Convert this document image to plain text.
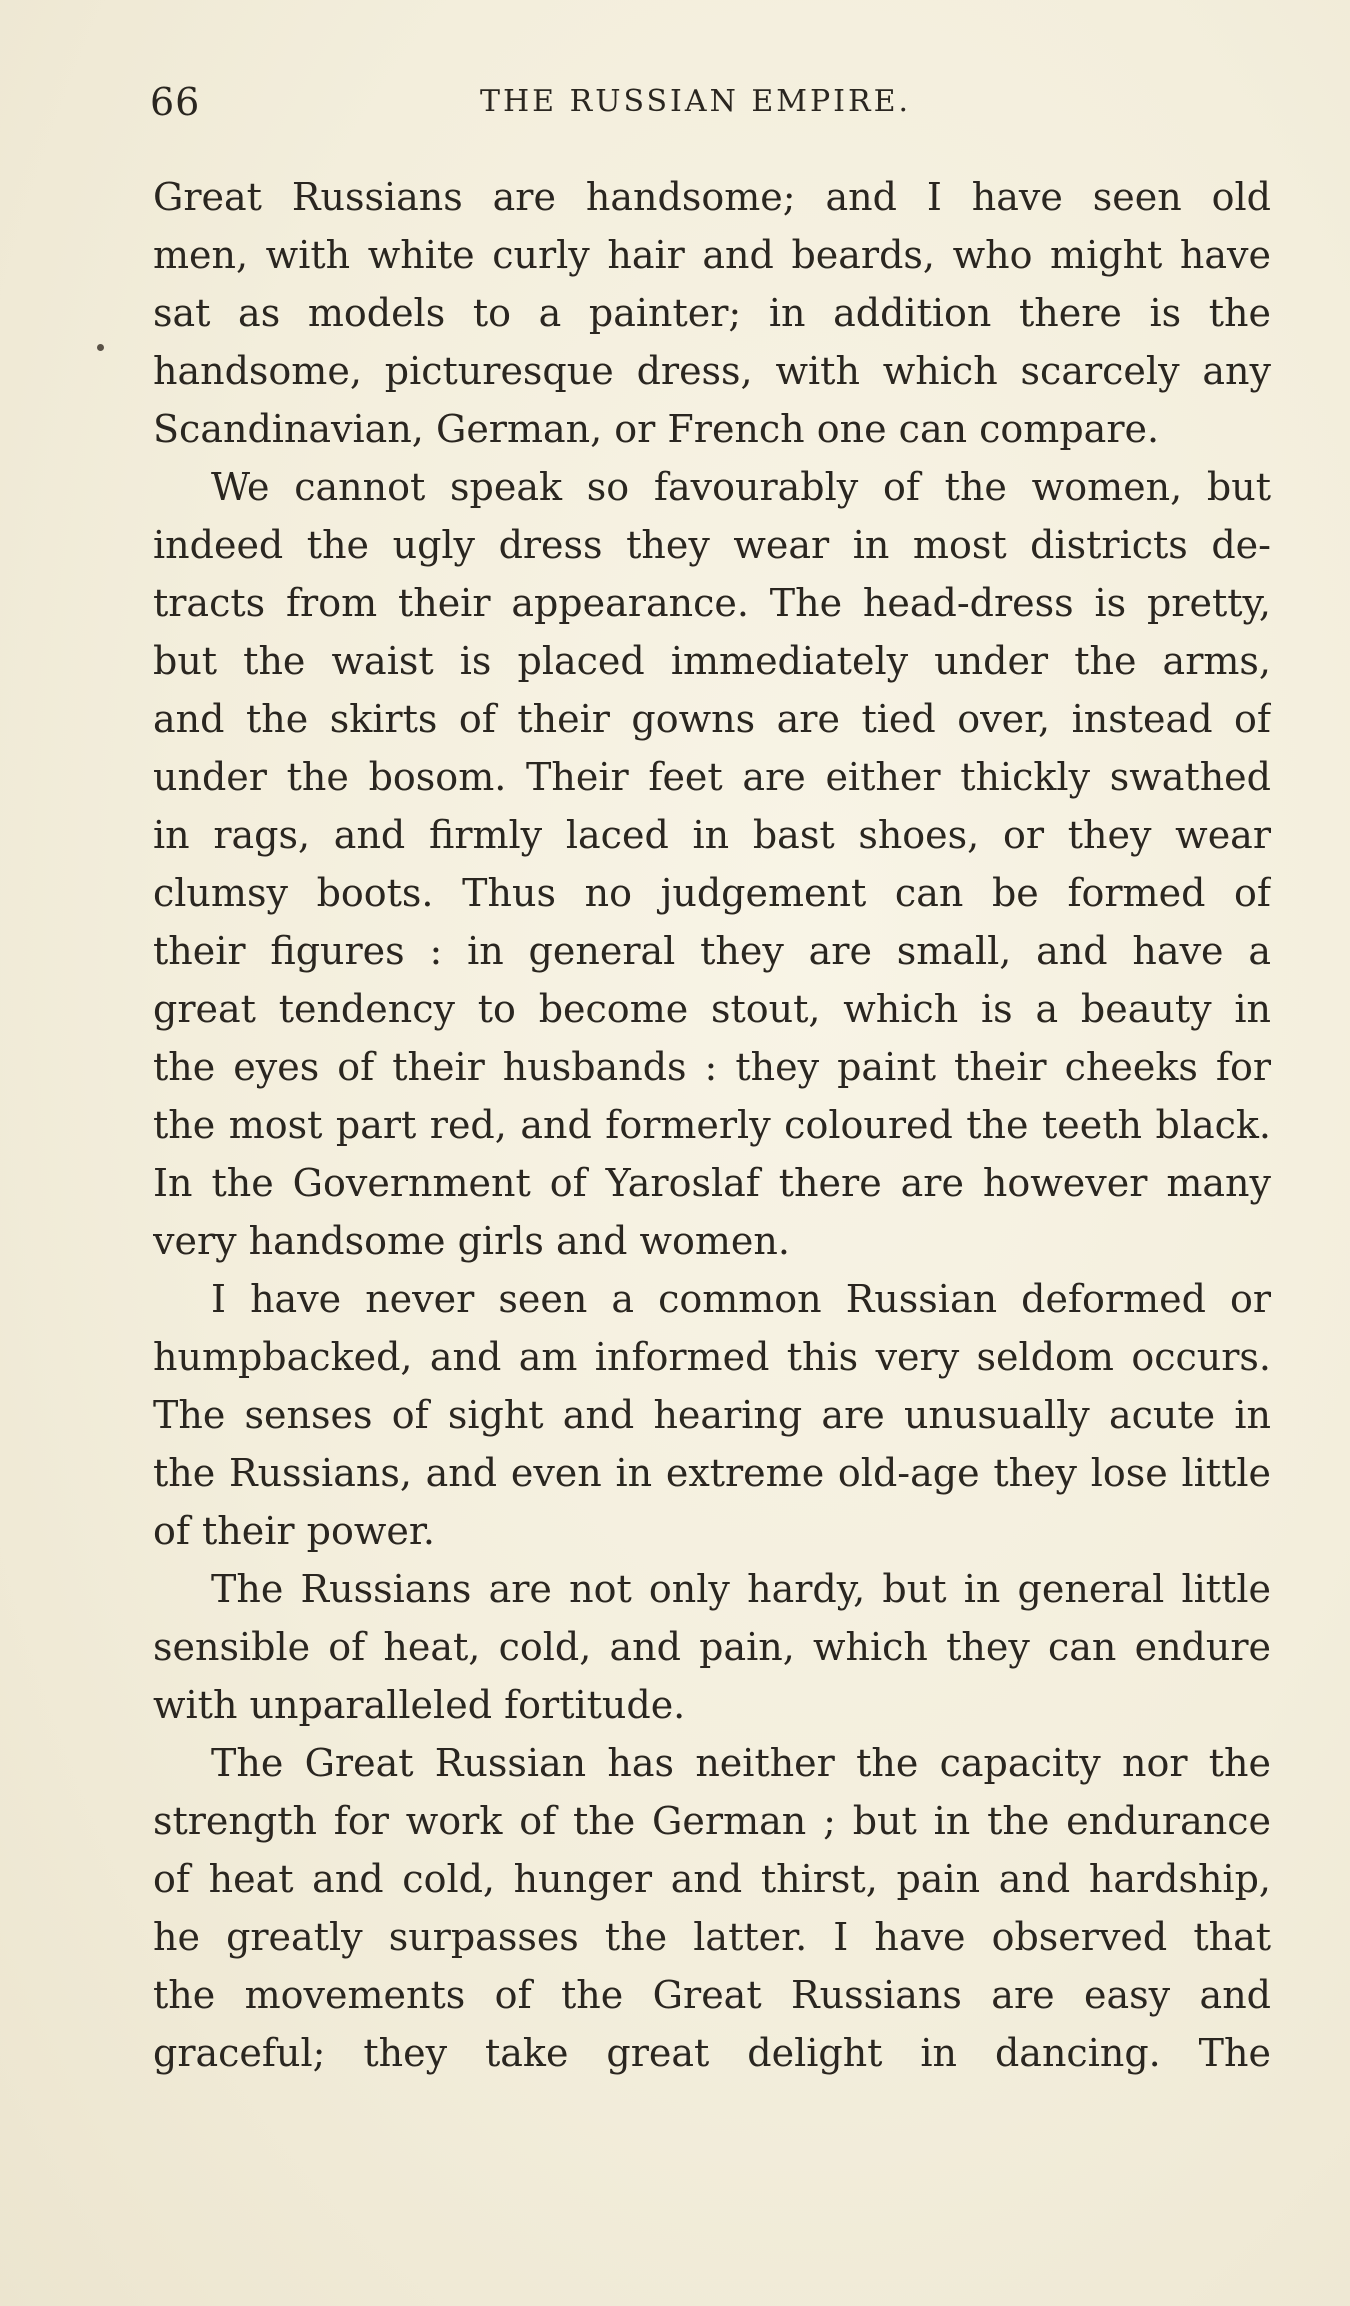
66	THE RUSSIAN EMPIRE.
Great Russians are handsome; and I have seen old
men, with white curly hair and beards, who might have
sat as models to a painter; in addition there is the
handsome, picturesque dress, with which scarcely any
Scandinavian, German, or French one can compare.
We cannot speak so favourably of the women, but
indeed the ugly dress they wear in most districts de-
tracts from their appearance. The head-dress is pretty,
but the waist is placed immediately under the arms,
and the skirts of their gowns are tied over, instead of
under the bosom. Their feet are either thickly swathed
in rags, and firmly laced in bast shoes, or they wear
clumsy boots. Thus no judgement can be formed of
their figures : in general they are small, and have a
great tendency to become stout, which is a beauty in
the eyes of their husbands : they paint their cheeks for
the most part red, and formerly coloured the teeth black.
In the Government of Yaroslaf there are however many
very handsome girls and women.
I have never seen a common Russian deformed or
humpbacked, and am informed this very seldom occurs.
The senses of sight and hearing are unusually acute in
the Russians, and even in extreme old-age they lose little
of their power.
The Russians are not only hardy, but in general little
sensible of heat, cold, and pain, which they can endure
with unparalleled fortitude.
The Great Russian has neither the capacity nor the
strength for work of the German ; but in the endurance
of heat and cold, hunger and thirst, pain and hardship,
he greatly surpasses the latter. I have observed that
the movements of the Great Russians are easy and
graceful; they take great delight in dancing. The
